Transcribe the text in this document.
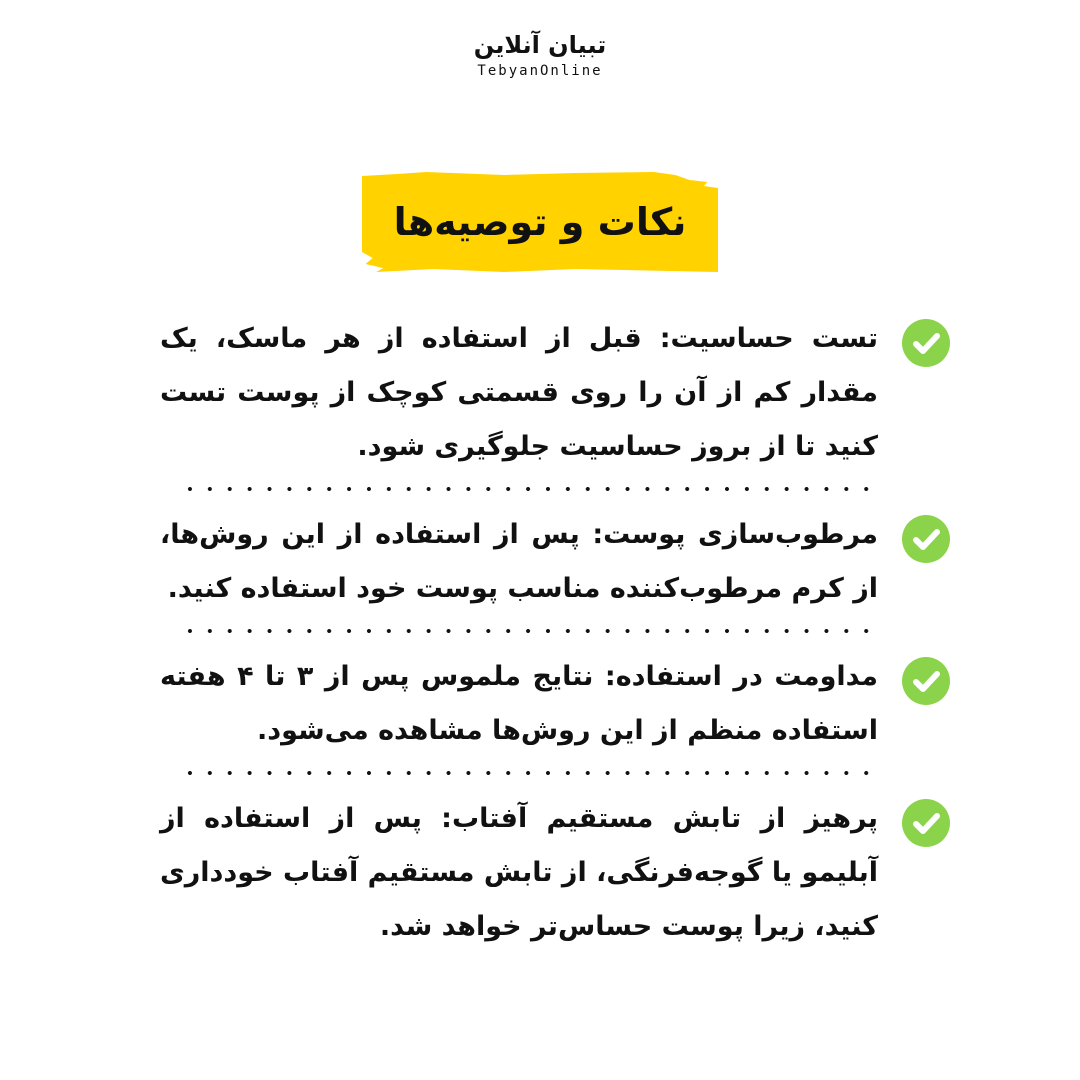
تبیان آنلاین
TebyanOnline
نکات و توصیه‌ها
تست حساسیت: قبل از استفاده از هر ماسک، یک مقدار کم از آن را روی قسمتی کوچک از پوست تست کنید تا از بروز حساسیت جلوگیری شود.
مرطوب‌سازی پوست: پس از استفاده از این روش‌ها، از کرم مرطوب‌کننده مناسب پوست خود استفاده کنید.
مداومت در استفاده: نتایج ملموس پس از ۳ تا ۴ هفته استفاده منظم از این روش‌ها مشاهده می‌شود.
پرهیز از تابش مستقیم آفتاب: پس از استفاده از آبلیمو یا گوجه‌فرنگی، از تابش مستقیم آفتاب خودداری کنید، زیرا پوست حساس‌تر خواهد شد.
